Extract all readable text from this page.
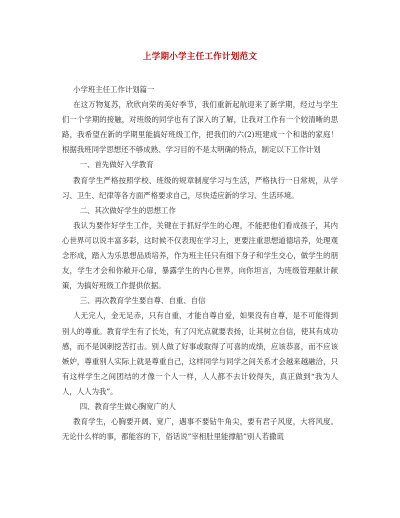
上学期小学主任工作计划范文

小学班主任工作计划篇一

在这万物复苏，欣欣向荣的美好季节，我们重新起航迎来了新学期，经过与学生们一个学期的接触，对班级的同学也有了深入的了解，让我对工作有一个较清晰的思路，我希望在新的学期里能搞好班级工作，把我们的六(2)班建成一个和谐的家庭！根据我班同学思想还不够成熟、学习目的不是太明确的特点，制定以下工作计划

一、首先做好入学教育

教育学生严格按照学校、班级的规章制度学习与生活，严格执行一日常规，从学习、卫生、纪律等各方面严格要求自己，尽快适应新的学习、生活环境。

二、其次做好学生的思想工作

我认为要作好学生工作，关键在于抓好学生的心理，不能把他们看成孩子，其内心世界可以说丰富多彩，这时候不仅表现在学习上，更要注重思想道德培养，处理观念形成，踏入为乐思想品质培养，作为班主任只有细下身子和学生交心，做学生的朋友，学生才会和你敞开心扉，暴露学生的内心世界，向你坦言，为班级管理献计献策，为搞好班级工作提供依据。

三、再次教育学生要自尊、自重、自信

人无完人，金无足赤，只有自重，才能自尊自爱，如果没有自尊，是不可能得到别人的尊重。教育学生有了长处，有了闪光点就要表扬，让其树立自信，使其有成功感，而不是讽刺挖苦打击。别人做了好事或取得了可喜的成绩，应该恭喜，而不应该嫉妒，尊重别人实际上就是尊重自己，这样同学与同学之间关系才会越来越融洽，只有这样学生之间团结的才像一个人一样，人人都不去计较得失，真正做到“我为人人，人人为我”。

四、教育学生做心胸宽广的人

教育学生，心胸要开阔、宽广，遇事不要钻牛角尖，要有君子风度，大将风度。无论什么样的事，都能容的下，俗话说”宰相肚里能撑船”别人若撒谎
